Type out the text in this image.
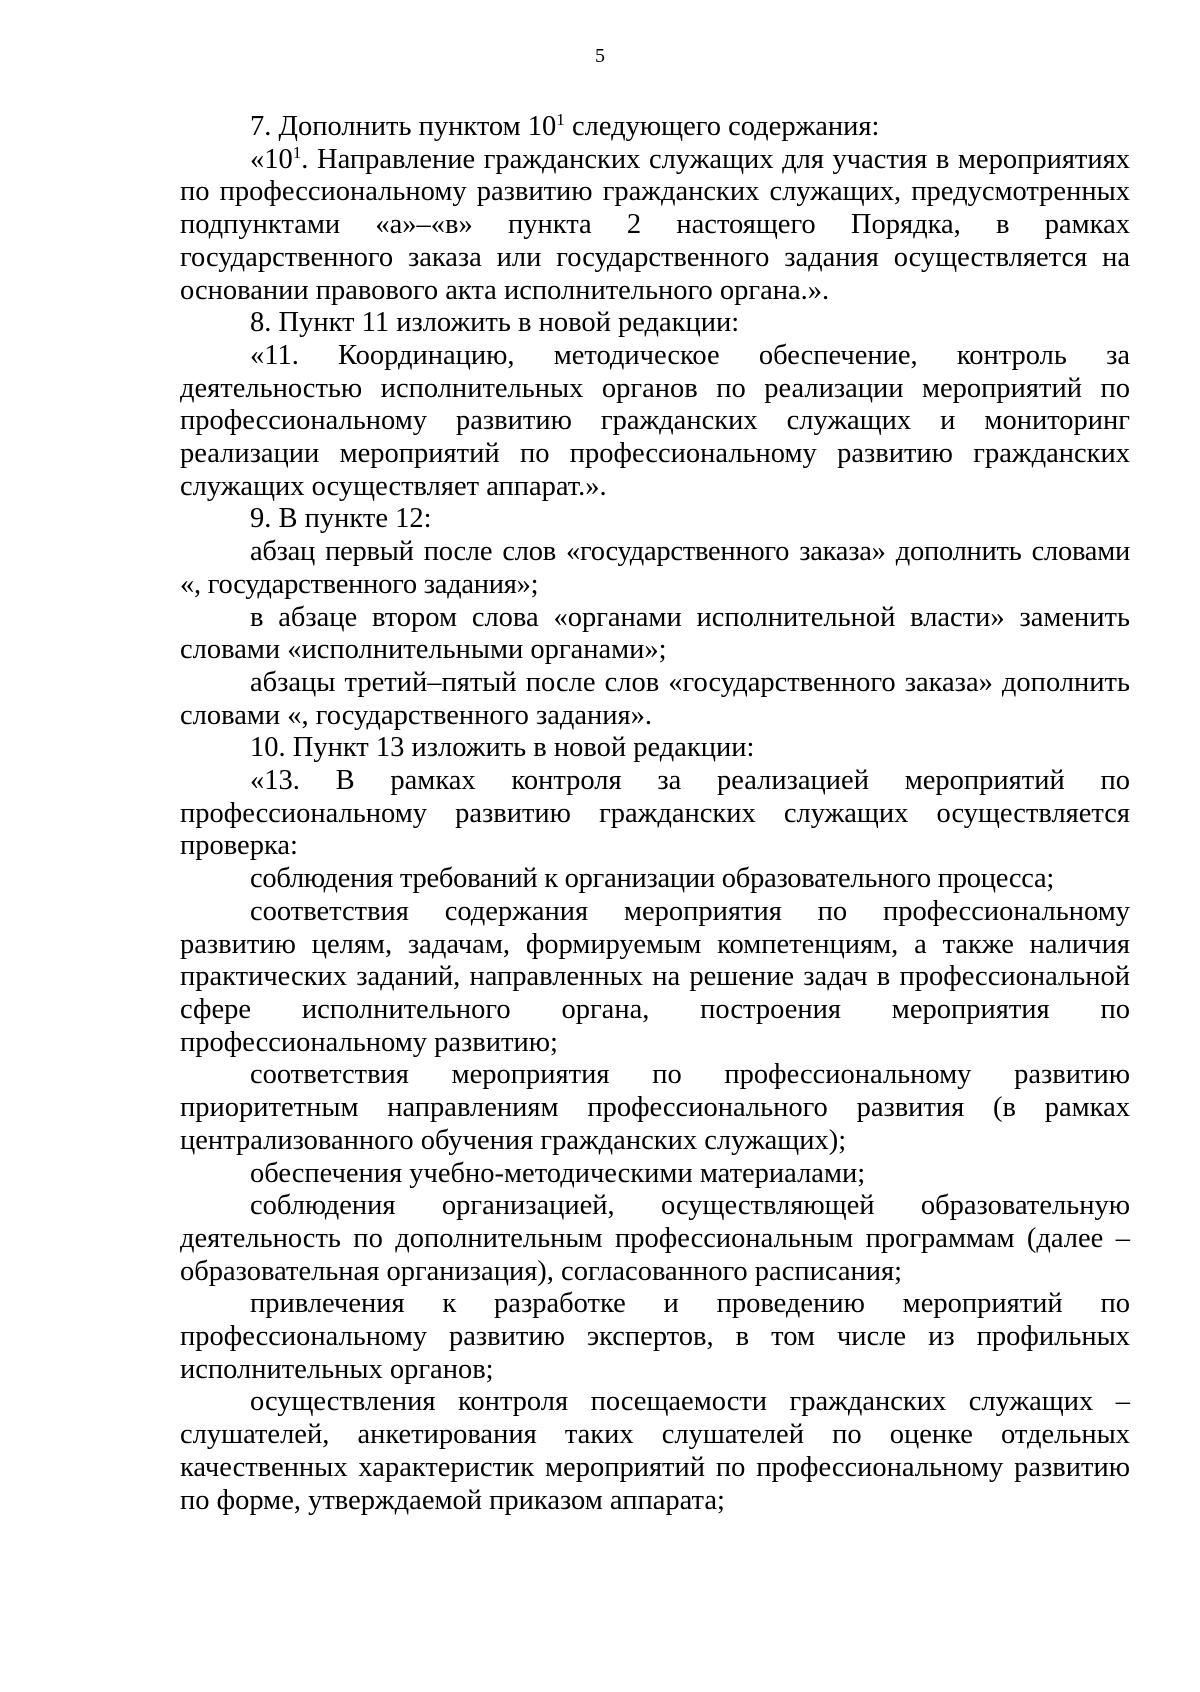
5

7. Дополнить пунктом $10^1$ следующего содержания:

«$10^1$. Направление гражданских служащих для участия в мероприятиях по профессиональному развитию гражданских служащих, предусмотренных подпунктами «а»–«в» пункта 2 настоящего Порядка, в рамках государственного заказа или государственного задания осуществляется на основании правового акта исполнительного органа.».

8. Пункт 11 изложить в новой редакции:

«11. Координацию, методическое обеспечение, контроль за деятельностью исполнительных органов по реализации мероприятий по профессиональному развитию гражданских служащих и мониторинг реализации мероприятий по профессиональному развитию гражданских служащих осуществляет аппарат.».

9. В пункте 12:

абзац первый после слов «государственного заказа» дополнить словами «, государственного задания»;

в абзаце втором слова «органами исполнительной власти» заменить словами «исполнительными органами»;

абзацы третий–пятый после слов «государственного заказа» дополнить словами «, государственного задания».

10. Пункт 13 изложить в новой редакции:

«13. В рамках контроля за реализацией мероприятий по профессиональному развитию гражданских служащих осуществляется проверка:

соблюдения требований к организации образовательного процесса;

соответствия содержания мероприятия по профессиональному развитию целям, задачам, формируемым компетенциям, а также наличия практических заданий, направленных на решение задач в профессиональной сфере исполнительного органа, построения мероприятия по профессиональному развитию;

соответствия мероприятия по профессиональному развитию приоритетным направлениям профессионального развития (в рамках централизованного обучения гражданских служащих);

обеспечения учебно-методическими материалами;

соблюдения организацией, осуществляющей образовательную деятельность по дополнительным профессиональным программам (далее – образовательная организация), согласованного расписания;

привлечения к разработке и проведению мероприятий по профессиональному развитию экспертов, в том числе из профильных исполнительных органов;

осуществления контроля посещаемости гражданских служащих – слушателей, анкетирования таких слушателей по оценке отдельных качественных характеристик мероприятий по профессиональному развитию по форме, утверждаемой приказом аппарата;
